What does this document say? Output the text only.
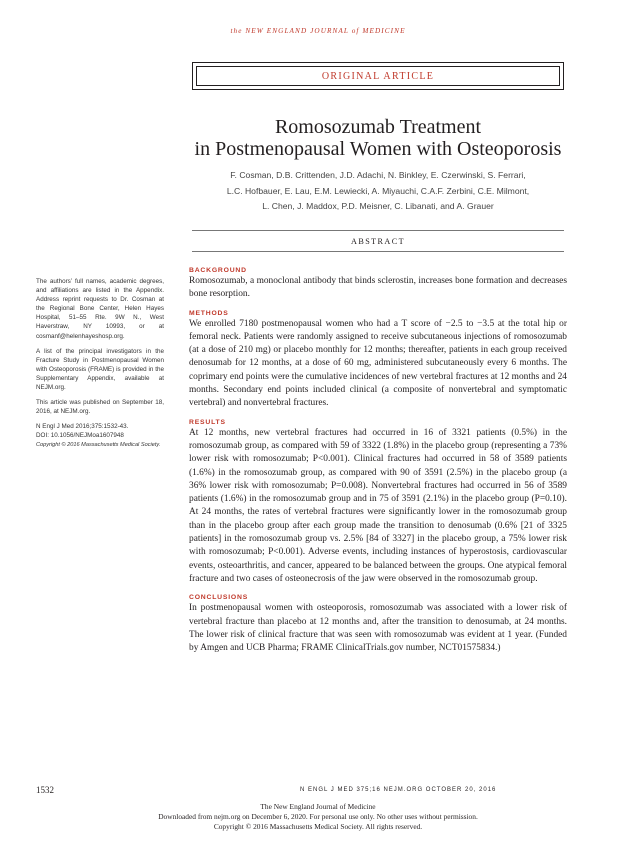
the NEW ENGLAND JOURNAL of MEDICINE
ORIGINAL ARTICLE
Romosozumab Treatment
in Postmenopausal Women with Osteoporosis
F. Cosman, D.B. Crittenden, J.D. Adachi, N. Binkley, E. Czerwinski, S. Ferrari,
L.C. Hofbauer, E. Lau, E.M. Lewiecki, A. Miyauchi, C.A.F. Zerbini, C.E. Milmont,
L. Chen, J. Maddox, P.D. Meisner, C. Libanati, and A. Grauer
ABSTRACT
BACKGROUND

Romosozumab, a monoclonal antibody that binds sclerostin, increases bone formation and decreases bone resorption.

METHODS

We enrolled 7180 postmenopausal women who had a T score of −2.5 to −3.5 at the total hip or femoral neck. Patients were randomly assigned to receive subcutaneous injections of romosozumab (at a dose of 210 mg) or placebo monthly for 12 months; thereafter, patients in each group received denosumab for 12 months, at a dose of 60 mg, administered subcutaneously every 6 months. The coprimary end points were the cumulative incidences of new vertebral fractures at 12 months and 24 months. Secondary end points included clinical (a composite of nonvertebral and symptomatic vertebral) and nonvertebral fractures.

RESULTS

At 12 months, new vertebral fractures had occurred in 16 of 3321 patients (0.5%) in the romosozumab group, as compared with 59 of 3322 (1.8%) in the placebo group (representing a 73% lower risk with romosozumab; P<0.001). Clinical fractures had occurred in 58 of 3589 patients (1.6%) in the romosozumab group, as compared with 90 of 3591 (2.5%) in the placebo group (a 36% lower risk with romosozumab; P=0.008). Nonvertebral fractures had occurred in 56 of 3589 patients (1.6%) in the romosozumab group and in 75 of 3591 (2.1%) in the placebo group (P=0.10). At 24 months, the rates of vertebral fractures were significantly lower in the romosozumab group than in the placebo group after each group made the transition to denosumab (0.6% [21 of 3325 patients] in the romosozumab group vs. 2.5% [84 of 3327] in the placebo group, a 75% lower risk with romosozumab; P<0.001). Adverse events, including instances of hyperostosis, cardiovascular events, osteoarthritis, and cancer, appeared to be balanced between the groups. One atypical femoral fracture and two cases of osteonecrosis of the jaw were observed in the romosozumab group.

CONCLUSIONS

In postmenopausal women with osteoporosis, romosozumab was associated with a lower risk of vertebral fracture than placebo at 12 months and, after the transition to denosumab, at 24 months. The lower risk of clinical fracture that was seen with romosozumab was evident at 1 year. (Funded by Amgen and UCB Pharma; FRAME ClinicalTrials.gov number, NCT01575834.)

The authors’ full names, academic degrees, and affiliations are listed in the Appendix. Address reprint requests to Dr. Cosman at the Regional Bone Center, Helen Hayes Hospital, 51–55 Rte. 9W N., West Haverstraw, NY 10993, or at cosmanf@helenhayeshosp.org.

A list of the principal investigators in the Fracture Study in Postmenopausal Women with Osteoporosis (FRAME) is provided in the Supplementary Appendix, available at NEJM.org.

This article was published on September 18, 2016, at NEJM.org.

N Engl J Med 2016;375:1532-43.

DOI: 10.1056/NEJMoa1607948

Copyright © 2016 Massachusetts Medical Society.

1532	N ENGL J MED 375;16 NEJM.ORG OCTOBER 20, 2016
The New England Journal of Medicine
Downloaded from nejm.org on December 6, 2020. For personal use only. No other uses without permission.
Copyright © 2016 Massachusetts Medical Society. All rights reserved.
